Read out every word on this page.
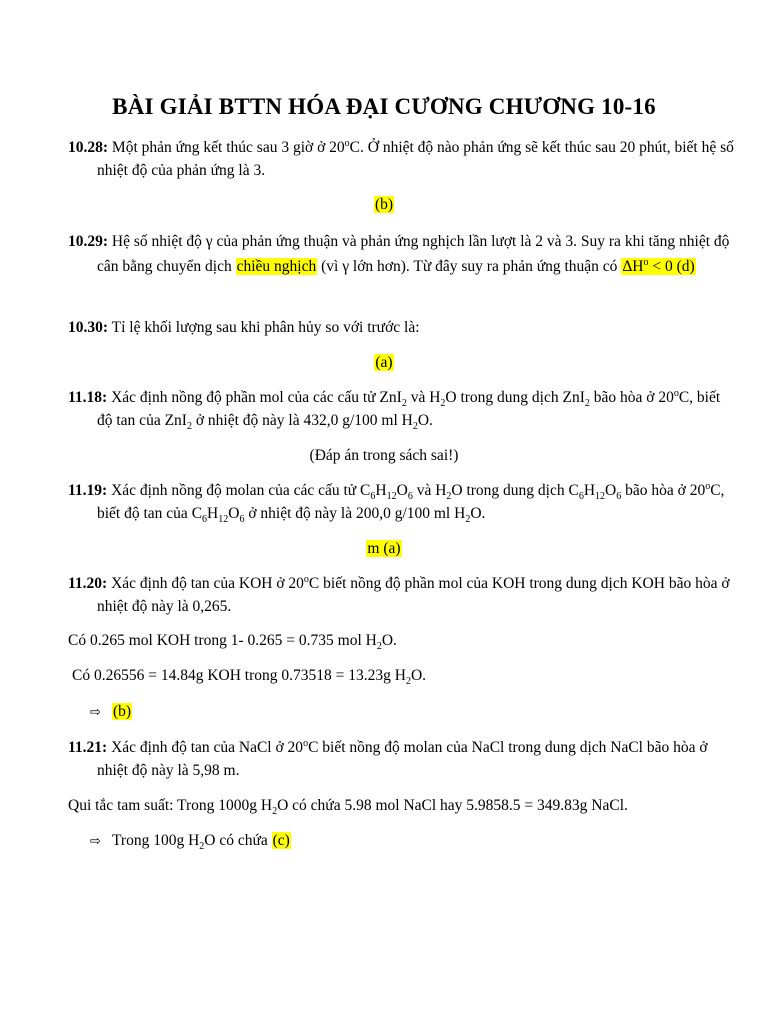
BÀI GIẢI BTTN HÓA ĐẠI CƯƠNG CHƯƠNG 10-16
10.28: Một phản ứng kết thúc sau 3 giờ ở 20$^o$C. Ở nhiệt độ nào phản ứng sẽ kết thúc sau 20 phút, biết hệ số nhiệt độ của phản ứng là 3.
(b)
10.29: Hệ số nhiệt độ γ của phản ứng thuận và phản ứng nghịch lần lượt là 2 và 3. Suy ra khi tăng nhiệt độ cân bằng chuyển dịch chiều nghịch (vì γ lớn hơn). Từ đây suy ra phản ứng thuận có $\Delta H^o < 0$ (d)
10.30: Tỉ lệ khối lượng sau khi phân hủy so với trước là:
(a)
11.18: Xác định nồng độ phần mol của các cấu tử ZnI$_2$ và $H_2O$ trong dung dịch ZnI$_2$ bão hòa ở 20$^o$C, biết độ tan của ZnI$_2$ ở nhiệt độ này là 432,0 g/100 ml $H_2O$.
(Đáp án trong sách sai!)
11.19: Xác định nồng độ molan của các cấu tử $C_6H_{12}O_6$ và $H_2O$ trong dung dịch $C_6H_{12}O_6$ bão hòa ở 20$^o$C, biết độ tan của $C_6H_{12}O_6$ ở nhiệt độ này là 200,0 g/100 ml $H_2O$.
m (a)
11.20: Xác định độ tan của KOH ở 20$^o$C biết nồng độ phần mol của KOH trong dung dịch KOH bão hòa ở nhiệt độ này là 0,265.
Có 0.265 mol KOH trong 1- 0.265 = 0.735 mol $H_2O$.
Có 0.26556 = 14.84g KOH trong 0.73518 = 13.23g $H_2O$.
⇨ (b)
11.21: Xác định độ tan của NaCl ở 20$^o$C biết nồng độ molan của NaCl trong dung dịch NaCl bão hòa ở nhiệt độ này là 5,98 m.
Qui tắc tam suất: Trong 1000g $H_2O$ có chứa 5.98 mol NaCl hay 5.9858.5 = 349.83g NaCl.
⇨ Trong 100g $H_2O$ có chứa (c)
